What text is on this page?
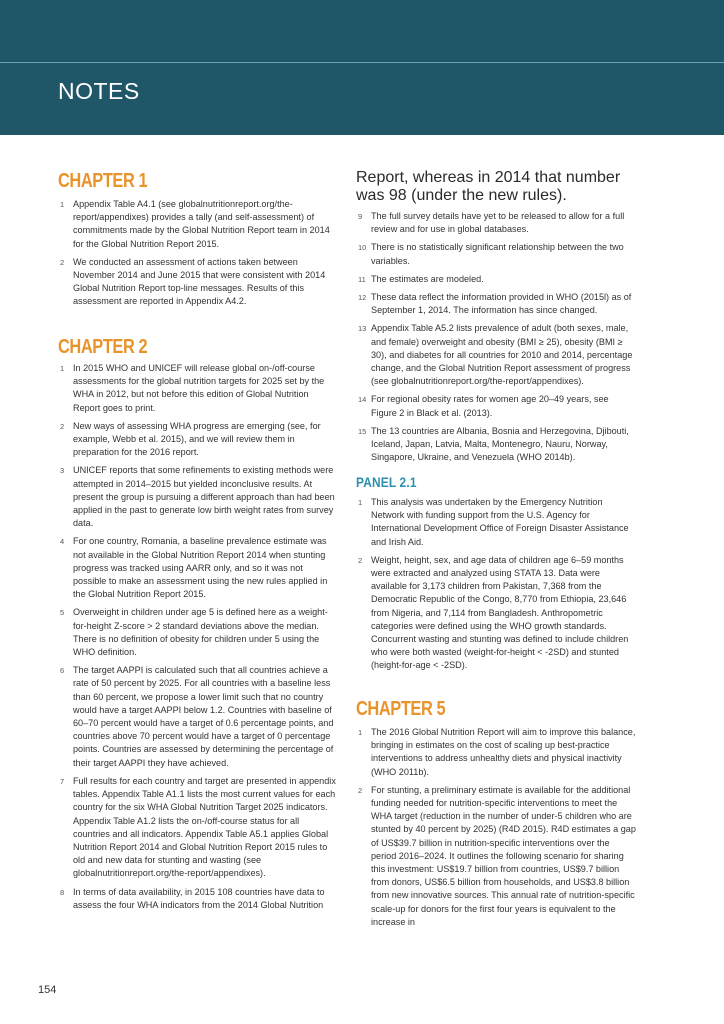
NOTES
CHAPTER 1
1 Appendix Table A4.1 (see globalnutritionreport.org/the-report/appendixes) provides a tally (and self-assessment) of commitments made by the Global Nutrition Report team in 2014 for the Global Nutrition Report 2015.
2 We conducted an assessment of actions taken between November 2014 and June 2015 that were consistent with 2014 Global Nutrition Report top-line messages. Results of this assessment are reported in Appendix A4.2.
CHAPTER 2
1 In 2015 WHO and UNICEF will release global on-/off-course assessments for the global nutrition targets for 2025 set by the WHA in 2012, but not before this edition of Global Nutrition Report goes to print.
2 New ways of assessing WHA progress are emerging (see, for example, Webb et al. 2015), and we will review them in preparation for the 2016 report.
3 UNICEF reports that some refinements to existing methods were attempted in 2014–2015 but yielded inconclusive results. At present the group is pursuing a different approach than had been applied in the past to generate low birth weight rates from survey data.
4 For one country, Romania, a baseline prevalence estimate was not available in the Global Nutrition Report 2014 when stunting progress was tracked using AARR only, and so it was not possible to make an assessment using the new rules applied in the Global Nutrition Report 2015.
5 Overweight in children under age 5 is defined here as a weight-for-height Z-score > 2 standard deviations above the median. There is no definition of obesity for children under 5 using the WHO definition.
6 The target AAPPI is calculated such that all countries achieve a rate of 50 percent by 2025. For all countries with a baseline less than 60 percent, we propose a lower limit such that no country would have a target AAPPI below 1.2. Countries with baseline of 60–70 percent would have a target of 0.6 percentage points, and countries above 70 percent would have a target of 0 percentage points. Countries are assessed by determining the percentage of their target AAPPI they have achieved.
7 Full results for each country and target are presented in appendix tables. Appendix Table A1.1 lists the most current values for each country for the six WHA Global Nutrition Target 2025 indicators. Appendix Table A1.2 lists the on-/off-course status for all countries and all indicators. Appendix Table A5.1 applies Global Nutrition Report 2014 and Global Nutrition Report 2015 rules to old and new data for stunting and wasting (see globalnutritionreport.org/the-report/appendixes).
8 In terms of data availability, in 2015 108 countries have data to assess the four WHA indicators from the 2014 Global Nutrition
Report, whereas in 2014 that number was 98 (under the new rules).
9 The full survey details have yet to be released to allow for a full review and for use in global databases.
10 There is no statistically significant relationship between the two variables.
11 The estimates are modeled.
12 These data reflect the information provided in WHO (2015l) as of September 1, 2014. The information has since changed.
13 Appendix Table A5.2 lists prevalence of adult (both sexes, male, and female) overweight and obesity (BMI ≥ 25), obesity (BMI ≥ 30), and diabetes for all countries for 2010 and 2014, percentage change, and the Global Nutrition Report assessment of progress (see globalnutritionreport.org/the-report/appendixes).
14 For regional obesity rates for women age 20–49 years, see Figure 2 in Black et al. (2013).
15 The 13 countries are Albania, Bosnia and Herzegovina, Djibouti, Iceland, Japan, Latvia, Malta, Montenegro, Nauru, Norway, Singapore, Ukraine, and Venezuela (WHO 2014b).
PANEL 2.1
1 This analysis was undertaken by the Emergency Nutrition Network with funding support from the U.S. Agency for International Development Office of Foreign Disaster Assistance and Irish Aid.
2 Weight, height, sex, and age data of children age 6–59 months were extracted and analyzed using STATA 13. Data were available for 3,173 children from Pakistan, 7,368 from the Democratic Republic of the Congo, 8,770 from Ethiopia, 23,646 from Nigeria, and 7,114 from Bangladesh. Anthropometric categories were defined using the WHO growth standards. Concurrent wasting and stunting was defined to include children who were both wasted (weight-for-height < -2SD) and stunted (height-for-age < -2SD).
CHAPTER 5
1 The 2016 Global Nutrition Report will aim to improve this balance, bringing in estimates on the cost of scaling up best-practice interventions to address unhealthy diets and physical inactivity (WHO 2011b).
2 For stunting, a preliminary estimate is available for the additional funding needed for nutrition-specific interventions to meet the WHA target (reduction in the number of under-5 children who are stunted by 40 percent by 2025) (R4D 2015). R4D estimates a gap of US$39.7 billion in nutrition-specific interventions over the period 2016–2024. It outlines the following scenario for sharing this investment: US$19.7 billion from countries, US$9.7 billion from donors, US$6.5 billion from households, and US$3.8 billion from new innovative sources. This annual rate of nutrition-specific scale-up for donors for the first four years is equivalent to the increase in

154
